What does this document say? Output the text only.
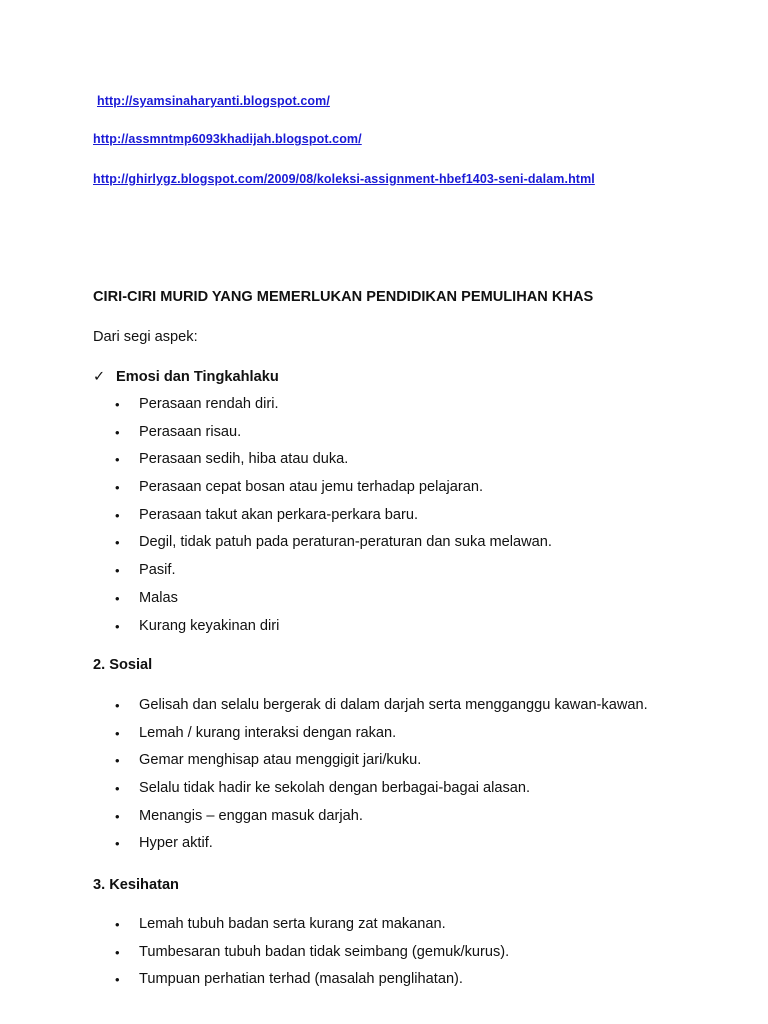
http://syamsinaharyanti.blogspot.com/
http://assmntmp6093khadijah.blogspot.com/
http://ghirlygz.blogspot.com/2009/08/koleksi-assignment-hbef1403-seni-dalam.html
CIRI-CIRI MURID YANG MEMERLUKAN PENDIDIKAN PEMULIHAN KHAS
Dari segi aspek:
✓ Emosi dan Tingkahlaku
• Perasaan rendah diri.
• Perasaan risau.
• Perasaan sedih, hiba atau duka.
• Perasaan cepat bosan atau jemu terhadap pelajaran.
• Perasaan takut akan perkara-perkara baru.
• Degil, tidak patuh pada peraturan-peraturan dan suka melawan.
• Pasif.
• Malas
• Kurang keyakinan diri
2. Sosial
• Gelisah dan selalu bergerak di dalam darjah serta mengganggu kawan-kawan.
• Lemah / kurang interaksi dengan rakan.
• Gemar menghisap atau menggigit jari/kuku.
• Selalu tidak hadir ke sekolah dengan berbagai-bagai alasan.
• Menangis – enggan masuk darjah.
• Hyper aktif.
3. Kesihatan
• Lemah tubuh badan serta kurang zat makanan.
• Tumbesaran tubuh badan tidak seimbang (gemuk/kurus).
• Tumpuan perhatian terhad (masalah penglihatan).
